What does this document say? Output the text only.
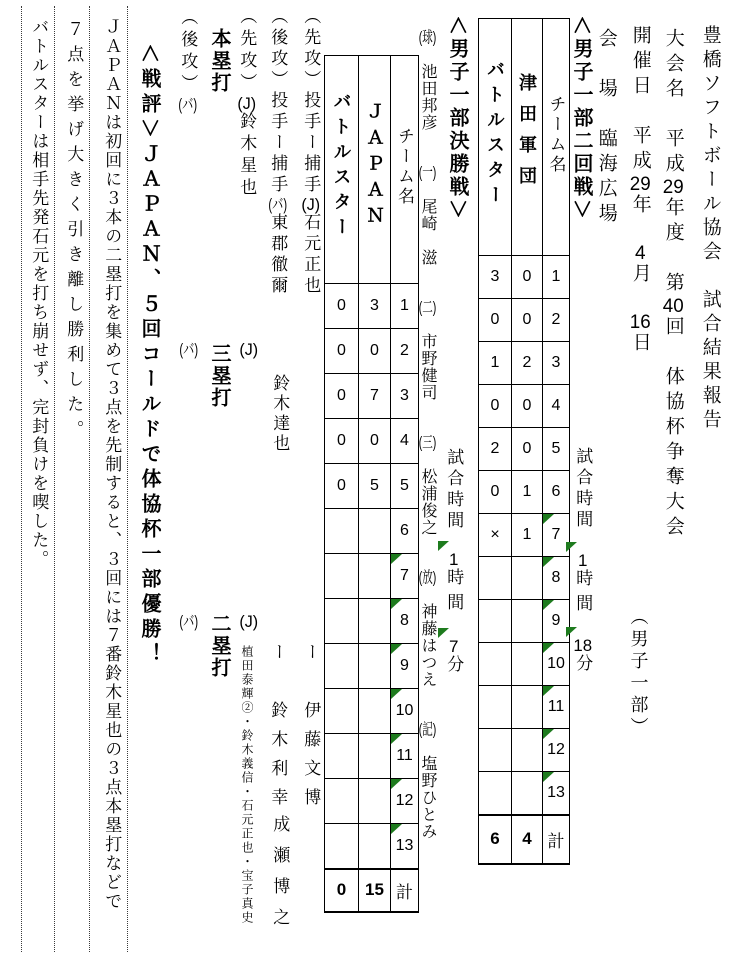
豊橋ソフトボール協会　試合結果報告
大会名　平成29年度　第40回　体協杯争奪大会
開催日　平成29年　4月　16日
会　場　臨海広場
（男子一部）
＜男子一部二回戦＞
試合時間
1時間
18分
バトルスター	津田軍団	チーム名
3	0	1
0	0	2
1	2	3
0	0	4
2	0	5
0	1	6
×	1	7

		8

		9

		10

		11

		12

		13

6	4	計
＜男子一部決勝戦＞
(球)　池田邦彦　　(一)　尾崎　滋　　(二)　市野健司　　(三)　松浦俊之　　(放)　神藤はつえ　　(記)　塩野ひとみ
試合時間
1時間
7分
バトルスター	ＪＡＰＡＮ	チーム名
0	3	1
0	0	2
0	7	3
0	0	4
0	5	5
		6
		7

		8

		9

		10

		11

		12

		13

0	15	計
（先攻）投手ー捕手(J)石元正也
ー　伊藤文博
（後攻）投手ー捕手(バ)東郡徹爾
ー　鈴木利幸
成瀬博之
（先攻）(J)鈴木星也
本塁打
（後攻）(バ)
(J)
三塁打 鈴木達也
(バ)
(J)
二塁打
(バ)
植田泰輝②・鈴木義信・石元正也・宝子真史
＜戦評＞ＪＡＰＡＮ、５回コールドで体協杯一部優勝！
ＪＡＰＡＮは初回に３本の二塁打を集めて３点を先制すると、３回には７番鈴木星也の３点本塁打などで
７点を挙げ大きく引き離し勝利した。
バトルスターは相手先発石元を打ち崩せず、完封負けを喫した。
